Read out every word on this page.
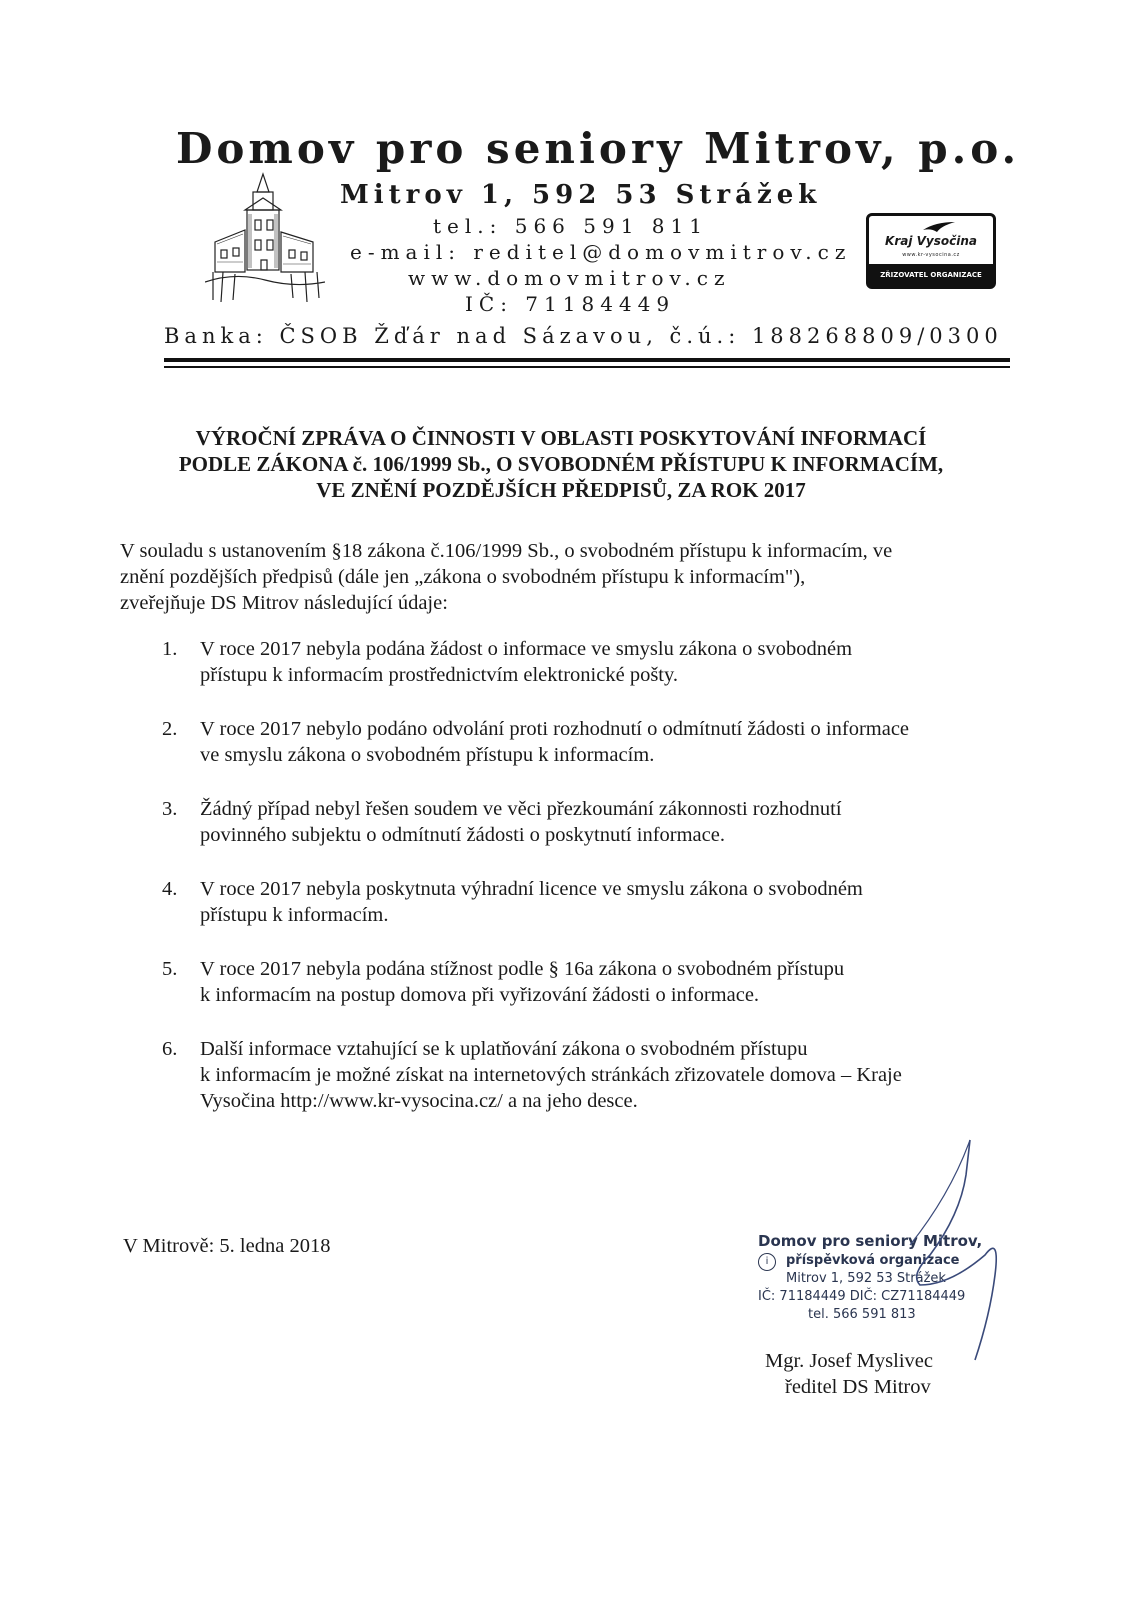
Domov pro seniory Mitrov, p.o.
Mitrov 1, 592 53 Strážek
tel.: 566 591 811
e-mail: reditel@domovmitrov.cz
www.domovmitrov.cz
IČ: 71184449
Banka: ČSOB Žďár nad Sázavou, č.ú.: 188268809/0300
Kraj Vysočina
www.kr-vysocina.cz
ZŘIZOVATEL ORGANIZACE
VÝROČNÍ ZPRÁVA O ČINNOSTI V OBLASTI POSKYTOVÁNÍ INFORMACÍ
PODLE ZÁKONA č. 106/1999 Sb., O SVOBODNÉM PŘÍSTUPU K INFORMACÍM,
VE ZNĚNÍ POZDĚJŠÍCH PŘEDPISŮ, ZA ROK 2017
V souladu s ustanovením §18 zákona č.106/1999 Sb., o svobodném přístupu k informacím, ve
znění pozdějších předpisů (dále jen „zákona o svobodném přístupu k informacím"),
zveřejňuje DS Mitrov následující údaje:
1.	V roce 2017 nebyla podána žádost o informace ve smyslu zákona o svobodném
přístupu k informacím prostřednictvím elektronické pošty.
2.	V roce 2017 nebylo podáno odvolání proti rozhodnutí o odmítnutí žádosti o informace
ve smyslu zákona o svobodném přístupu k informacím.
3.	Žádný případ nebyl řešen soudem ve věci přezkoumání zákonnosti rozhodnutí
povinného subjektu o odmítnutí žádosti o poskytnutí informace.
4.	V roce 2017 nebyla poskytnuta výhradní licence ve smyslu zákona o svobodném
přístupu k informacím.
5.	V roce 2017 nebyla podána stížnost podle § 16a zákona o svobodném přístupu
k informacím na postup domova při vyřizování žádosti o informace.
6.	Další informace vztahující se k uplatňování zákona o svobodném přístupu
k informacím je možné získat na internetových stránkách zřizovatele domova – Kraje
Vysočina http://www.kr-vysocina.cz/ a na jeho desce.
V Mitrově: 5. ledna 2018	Domov pro seniory Mitrov,
i	příspěvková organizace
Mitrov 1, 592 53 Strážek
IČ: 71184449 DIČ: CZ71184449
tel. 566 591 813
Mgr. Josef Myslivec
ředitel DS Mitrov
